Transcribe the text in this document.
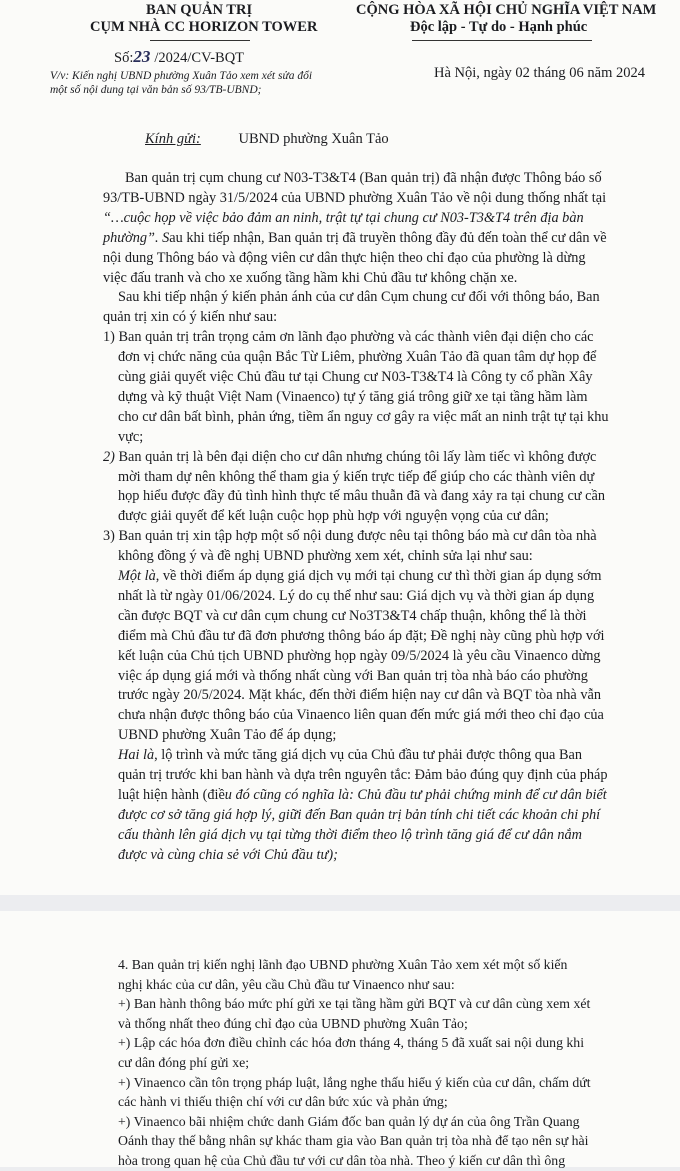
BAN QUẢN TRỊ
CỤM NHÀ CC HORIZON TOWER
CỘNG HÒA XÃ HỘI CHỦ NGHĨA VIỆT NAM
Độc lập - Tự do - Hạnh phúc
Số:23 /2024/CV-BQT
V/v: Kiến nghị UBND phường Xuân Tảo xem xét sửa đổi
một số nội dung tại văn bản số 93/TB-UBND;
Hà Nội, ngày 02 tháng 06 năm 2024
Kính gửi:	UBND phường Xuân Tảo
Ban quản trị cụm chung cư N03-T3&T4 (Ban quản trị) đã nhận được Thông báo số
93/TB-UBND ngày 31/5/2024 của UBND phường Xuân Tảo về nội dung thống nhất tại
“…cuộc họp về việc bảo đảm an ninh, trật tự tại chung cư N03-T3&T4 trên địa bàn
phường”. Sau khi tiếp nhận, Ban quản trị đã truyền thông đầy đủ đến toàn thể cư dân về
nội dung Thông báo và động viên cư dân thực hiện theo chỉ đạo của phường là dừng
việc đấu tranh và cho xe xuống tầng hầm khi Chủ đầu tư không chặn xe.
Sau khi tiếp nhận ý kiến phản ánh của cư dân Cụm chung cư đối với thông báo, Ban
quản trị xin có ý kiến như sau:
1) Ban quản trị trân trọng cảm ơn lãnh đạo phường và các thành viên đại diện cho các
đơn vị chức năng của quận Bắc Từ Liêm, phường Xuân Tảo đã quan tâm dự họp để
cùng giải quyết việc Chủ đầu tư tại Chung cư N03-T3&T4 là Công ty cổ phần Xây
dựng và kỹ thuật Việt Nam (Vinaenco) tự ý tăng giá trông giữ xe tại tầng hầm làm
cho cư dân bất bình, phản ứng, tiềm ẩn nguy cơ gây ra việc mất an ninh trật tự tại khu
vực;
2) Ban quản trị là bên đại diện cho cư dân nhưng chúng tôi lấy làm tiếc vì không được
mời tham dự nên không thể tham gia ý kiến trực tiếp để giúp cho các thành viên dự
họp hiểu được đầy đủ tình hình thực tế mâu thuẫn đã và đang xảy ra tại chung cư cần
được giải quyết để kết luận cuộc họp phù hợp với nguyện vọng của cư dân;
3) Ban quản trị xin tập hợp một số nội dung được nêu tại thông báo mà cư dân tòa nhà
không đồng ý và đề nghị UBND phường xem xét, chỉnh sửa lại như sau:
Một là, về thời điểm áp dụng giá dịch vụ mới tại chung cư thì thời gian áp dụng sớm
nhất là từ ngày 01/06/2024. Lý do cụ thể như sau: Giá dịch vụ và thời gian áp dụng
cần được BQT và cư dân cụm chung cư No3T3&T4 chấp thuận, không thể là thời
điểm mà Chủ đầu tư đã đơn phương thông báo áp đặt; Đề nghị này cũng phù hợp với
kết luận của Chủ tịch UBND phường họp ngày 09/5/2024 là yêu cầu Vinaenco dừng
việc áp dụng giá mới và thống nhất cùng với Ban quản trị tòa nhà báo cáo phường
trước ngày 20/5/2024. Mặt khác, đến thời điểm hiện nay cư dân và BQT tòa nhà vẫn
chưa nhận được thông báo của Vinaenco liên quan đến mức giá mới theo chỉ đạo của
UBND phường Xuân Tảo để áp dụng;
Hai là, lộ trình và mức tăng giá dịch vụ của Chủ đầu tư phải được thông qua Ban
quản trị trước khi ban hành và dựa trên nguyên tắc: Đảm bảo đúng quy định của pháp
luật hiện hành (điều đó cũng có nghĩa là: Chủ đầu tư phải chứng minh để cư dân biết
được cơ sở tăng giá hợp lý, giữi đến Ban quản trị bản tính chi tiết các khoản chi phí
cấu thành lên giá dịch vụ tại từng thời điểm theo lộ trình tăng giá để cư dân nắm
được và cùng chia sẻ với Chủ đầu tư);
4. Ban quản trị kiến nghị lãnh đạo UBND phường Xuân Tảo xem xét một số kiến
nghị khác của cư dân, yêu cầu Chủ đầu tư Vinaenco như sau:
+) Ban hành thông báo mức phí gửi xe tại tầng hầm gửi BQT và cư dân cùng xem xét
và thống nhất theo đúng chỉ đạo của UBND phường Xuân Tảo;
+) Lập các hóa đơn điều chỉnh các hóa đơn tháng 4, tháng 5 đã xuất sai nội dung khi
cư dân đóng phí gửi xe;
+) Vinaenco cần tôn trọng pháp luật, lắng nghe thấu hiểu ý kiến của cư dân, chấm dứt
các hành vi thiếu thiện chí với cư dân bức xúc và phản ứng;
+) Vinaenco bãi nhiệm chức danh Giám đốc ban quản lý dự án của ông Trần Quang
Oánh thay thế bằng nhân sự khác tham gia vào Ban quản trị tòa nhà để tạo nên sự hài
hòa trong quan hệ của Chủ đầu tư với cư dân tòa nhà. Theo ý kiến cư dân thì ông
